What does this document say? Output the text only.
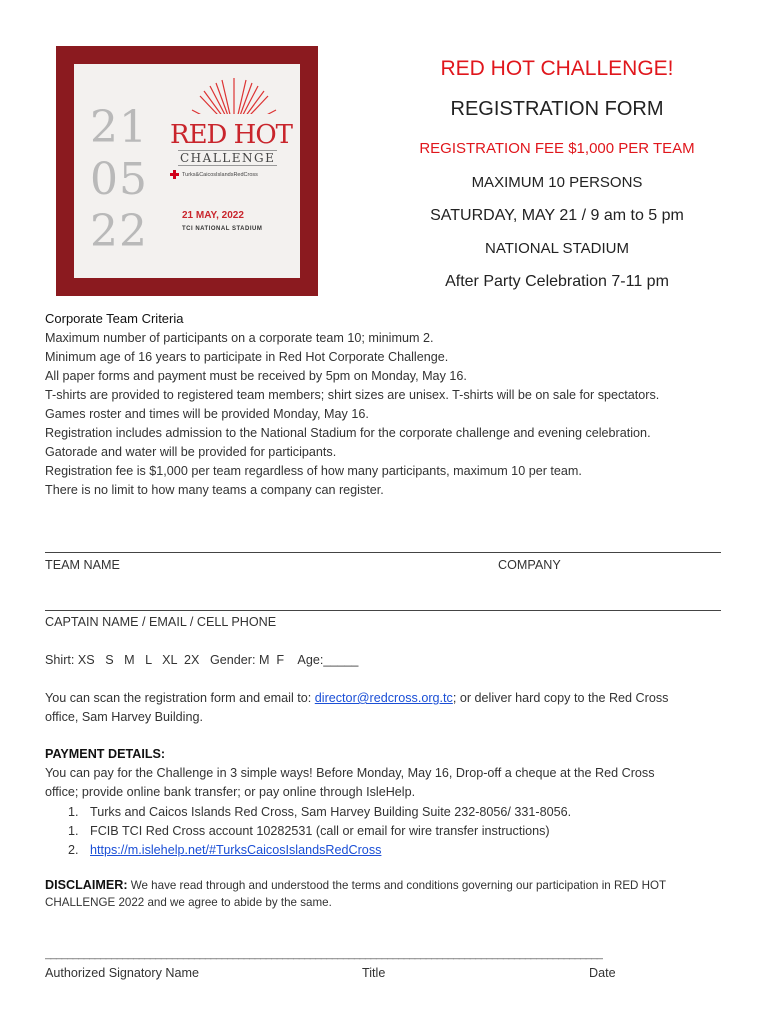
21
05
22
RED HOT
CHALLENGE
Turks&CaicosIslandsRedCross
21 MAY, 2022
TCI NATIONAL STADIUM
RED HOT CHALLENGE!
REGISTRATION FORM
REGISTRATION FEE $1,000 PER TEAM
MAXIMUM 10 PERSONS
SATURDAY, MAY 21 / 9 am to 5 pm
NATIONAL STADIUM
After Party Celebration 7-11 pm
Corporate Team Criteria
Maximum number of participants on a corporate team 10; minimum 2.
Minimum age of 16 years to participate in Red Hot Corporate Challenge.
All paper forms and payment must be received by 5pm on Monday, May 16.
T-shirts are provided to registered team members; shirt sizes are unisex. T-shirts will be on sale for spectators.
Games roster and times will be provided Monday, May 16.
Registration includes admission to the National Stadium for the corporate challenge and evening celebration.
Gatorade and water will be provided for participants.
Registration fee is $1,000 per team regardless of how many participants, maximum 10 per team.
There is no limit to how many teams a company can register.
TEAM NAME	COMPANY
CAPTAIN NAME / EMAIL / CELL PHONE
Shirt: XS   S   M   L   XL  2X   Gender: M  F    Age:_____
You can scan the registration form and email to: director@redcross.org.tc; or deliver hard copy to the Red Cross
office, Sam Harvey Building.
PAYMENT DETAILS:
You can pay for the Challenge in 3 simple ways! Before Monday, May 16, Drop-off a cheque at the Red Cross
office; provide online bank transfer; or pay online through IsleHelp.
1. Turks and Caicos Islands Red Cross, Sam Harvey Building Suite 232-8056/ 331-8056.
1. FCIB TCI Red Cross account 10282531 (call or email for wire transfer instructions)
2. https://m.islehelp.net/#TurksCaicosIslandsRedCross
DISCLAIMER: We have read through and understood the terms and conditions governing our participation in RED HOT
CHALLENGE 2022 and we agree to abide by the same.
_____________________________________________________________________________________________________
Authorized Signatory Name	Title	Date
